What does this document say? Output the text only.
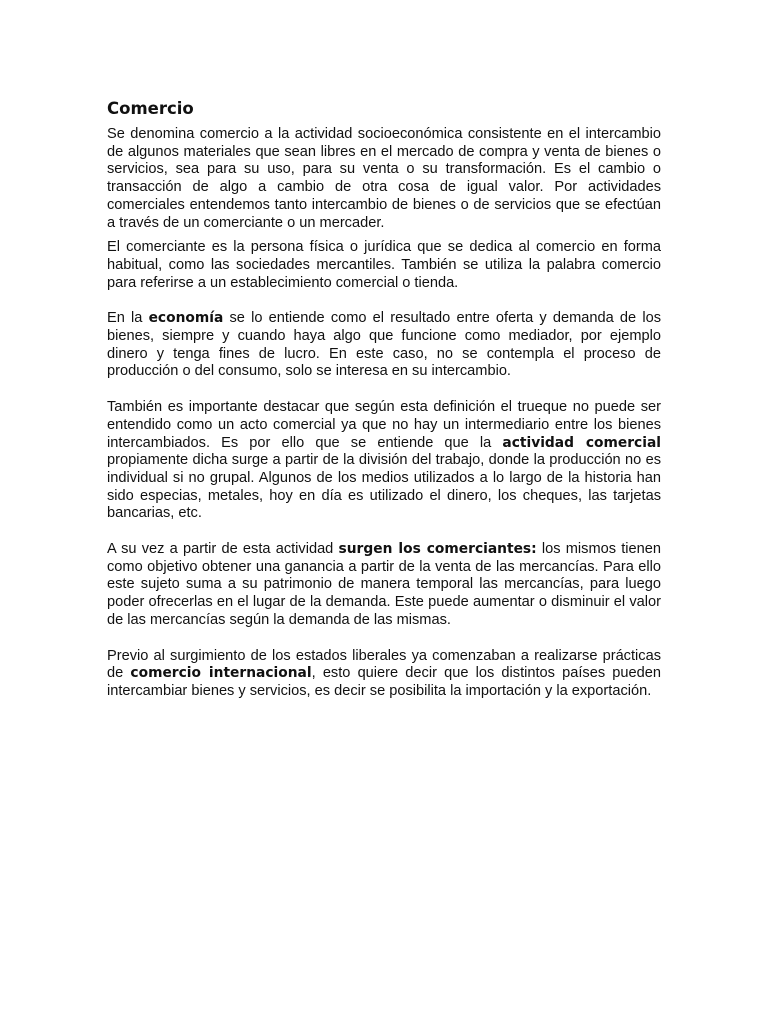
Comercio

Se denomina comercio a la actividad socioeconómica consistente en el intercambio de algunos materiales que sean libres en el mercado de compra y venta de bienes o servicios, sea para su uso, para su venta o su transformación. Es el cambio o transacción de algo a cambio de otra cosa de igual valor. Por actividades comerciales entendemos tanto intercambio de bienes o de servicios que se efectúan a través de un comerciante o un mercader.

El comerciante es la persona física o jurídica que se dedica al comercio en forma habitual, como las sociedades mercantiles. También se utiliza la palabra comercio para referirse a un establecimiento comercial o tienda.

En la economía se lo entiende como el resultado entre oferta y demanda de los bienes, siempre y cuando haya algo que funcione como mediador, por ejemplo dinero y tenga fines de lucro. En este caso, no se contempla el proceso de producción o del consumo, solo se interesa en su intercambio.

También es importante destacar que según esta definición el trueque no puede ser entendido como un acto comercial ya que no hay un intermediario entre los bienes intercambiados. Es por ello que se entiende que la actividad comercial propiamente dicha surge a partir de la división del trabajo, donde la producción no es individual si no grupal. Algunos de los medios utilizados a lo largo de la historia han sido especias, metales, hoy en día es utilizado el dinero, los cheques, las tarjetas bancarias, etc.

A su vez a partir de esta actividad surgen los comerciantes: los mismos tienen como objetivo obtener una ganancia a partir de la venta de las mercancías. Para ello este sujeto suma a su patrimonio de manera temporal las mercancías, para luego poder ofrecerlas en el lugar de la demanda. Este puede aumentar o disminuir el valor de las mercancías según la demanda de las mismas.

Previo al surgimiento de los estados liberales ya comenzaban a realizarse prácticas de comercio internacional, esto quiere decir que los distintos países pueden intercambiar bienes y servicios, es decir se posibilita la importación y la exportación.
